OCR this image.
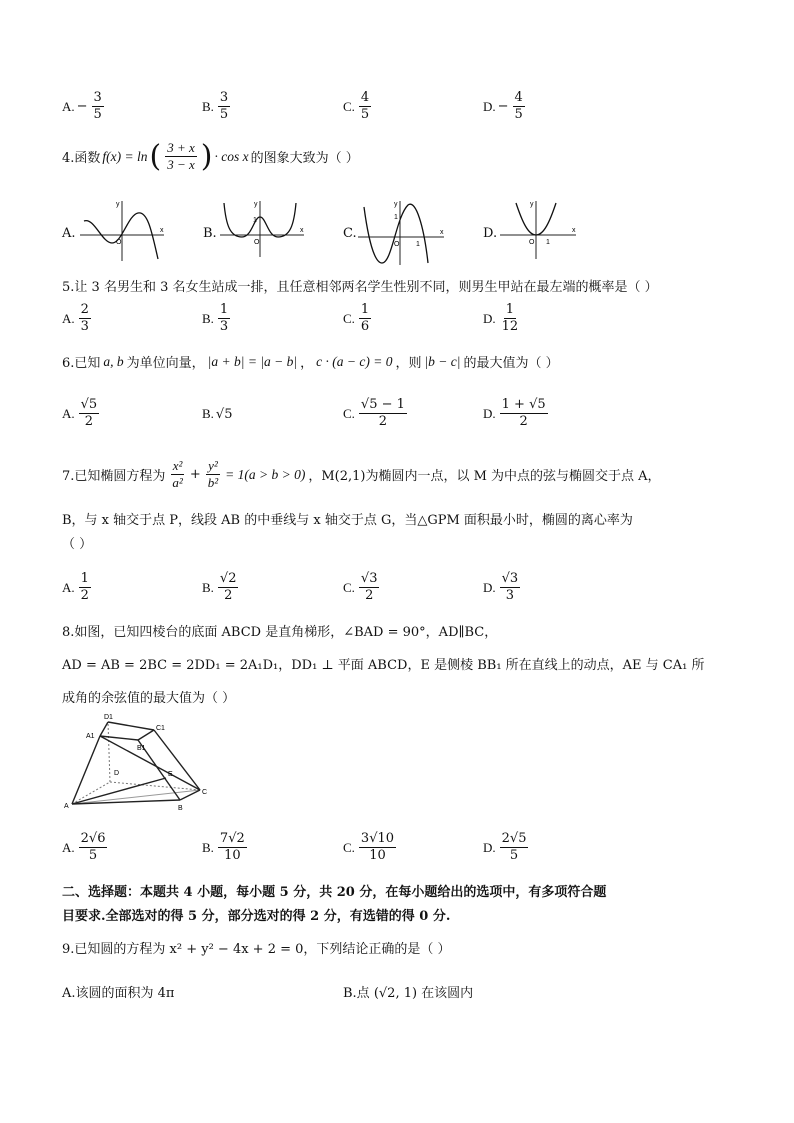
A. − $\frac{3}{5}$	B. $\frac{3}{5}$	C. $\frac{4}{5}$	D. − $\frac{4}{5}$
4.函数 f(x) = ln ( $\frac{3 + x}{3 - x}$ ) · cos x 的图象大致为（ ）
A.
y
x
O
B.
y
x
O
1
C.
y
x
O
1
1
D.
y
x
O 1
5.让 3 名男生和 3 名女生站成一排，且任意相邻两名学生性别不同，则男生甲站在最左端的概率是（ ）
A. $\frac{2}{3}$	B. $\frac{1}{3}$	C. $\frac{1}{6}$	D. $\frac{1}{12}$
6.已知 a, b 为单位向量， |a + b| = |a − b| ， c · (a − c) = 0 ，则 |b − c| 的最大值为（ ）
A. $\frac{√5}{2}$	B. √5	C. $\frac{√5 - 1}{2}$	D. $\frac{1 + √5}{2}$
7.已知椭圆方程为 $\frac{\text{x²}}{\text{a²}} + \frac{\text{y²}}{\text{b²}} = 1(a > b > 0)$ ，M(2,1)为椭圆内一点，以 M 为中点的弦与椭圆交于点 A，
B，与 x 轴交于点 P，线段 AB 的中垂线与 x 轴交于点 G，当△GPM 面积最小时，椭圆的离心率为
（ ）
A. $\frac{1}{2}$	B. $\frac{√2}{2}$	C. $\frac{√3}{2}$	D. $\frac{√3}{3}$
8.如图，已知四棱台的底面 ABCD 是直角梯形，∠BAD = 90°，AD∥BC，
AD = AB = 2BC = 2DD₁ = 2A₁D₁，DD₁ ⊥ 平面 ABCD，E 是侧棱 BB₁ 所在直线上的动点，AE 与 CA₁ 所
成角的余弦值的最大值为（ ）
A	B
C
D
A1
B1
C1
D1
E
A. $\frac{2√6}{5}$	B. $\frac{7√2}{10}$	C. $\frac{3√10}{10}$	D. $\frac{2√5}{5}$
二、选择题：本题共 4 小题，每小题 5 分，共 20 分，在每小题给出的选项中，有多项符合题
目要求.全部选对的得 5 分，部分选对的得 2 分，有选错的得 0 分.
9.已知圆的方程为 x² + y² − 4x + 2 = 0，下列结论正确的是（ ）
A.该圆的面积为 4π	B.点 (√2, 1) 在该圆内
